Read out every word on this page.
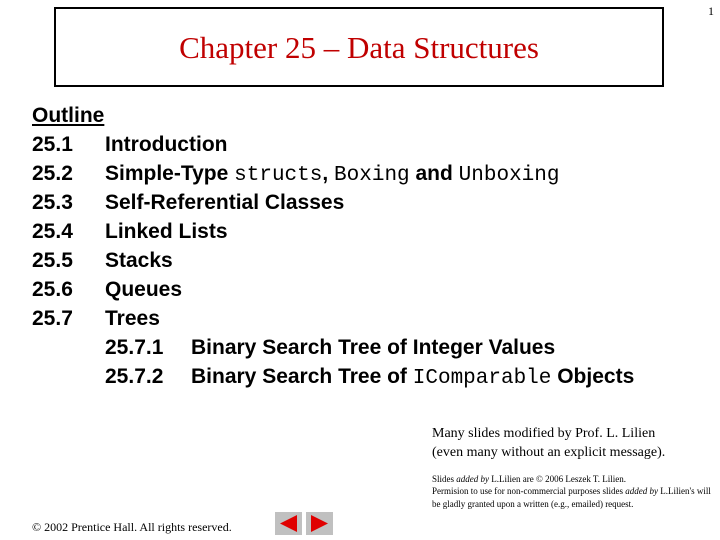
1
Chapter 25 – Data Structures
Outline
25.1	Introduction
25.2	Simple-Type structs, Boxing and Unboxing
25.3	Self-Referential Classes
25.4	Linked Lists
25.5	Stacks
25.6	Queues
25.7	Trees
25.7.1	Binary Search Tree of Integer Values
25.7.2	Binary Search Tree of IComparable Objects

Many slides modified by Prof. L. Lilien

(even many without an explicit message).

Slides added by L.Lilien are © 2006 Leszek T. Lilien.

Permision to use for non-commercial purposes slides added by L.Lilien's will be gladly granted upon a written (e.g., emailed) request.

© 2002 Prentice Hall. All rights reserved.
